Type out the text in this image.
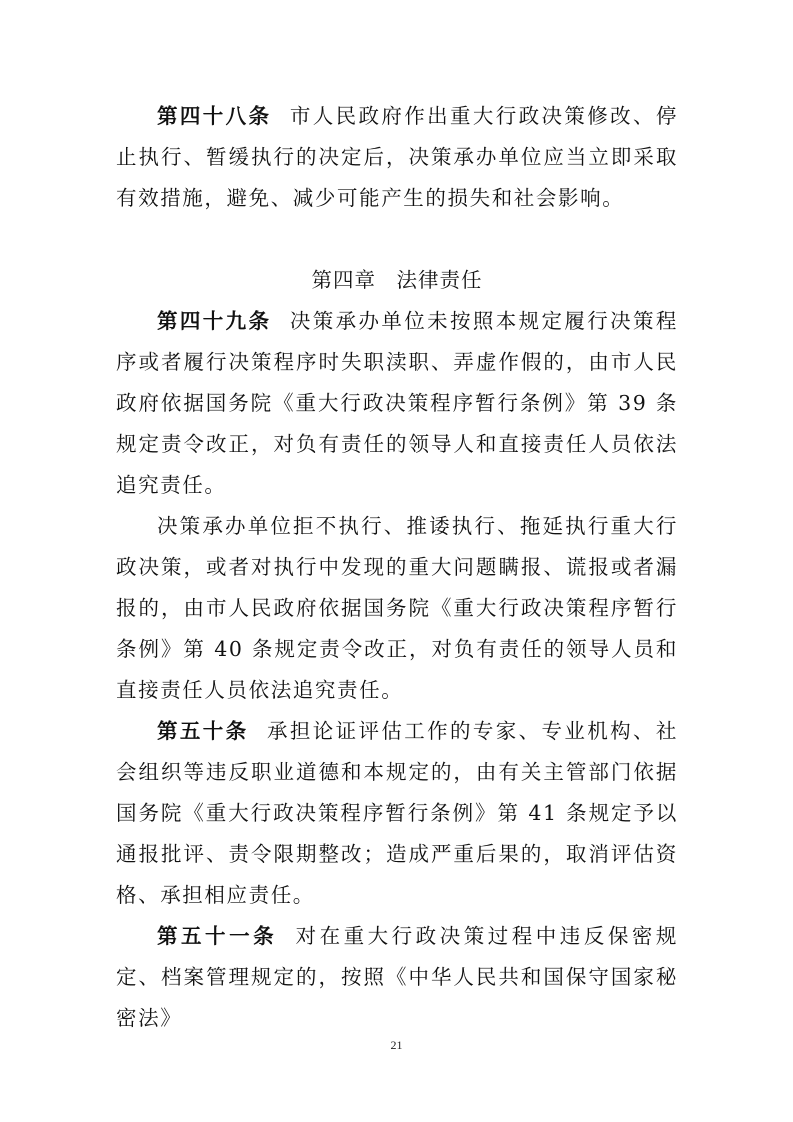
第四十八条 市人民政府作出重大行政决策修改、停止执行、暂缓执行的决定后，决策承办单位应当立即采取有效措施，避免、减少可能产生的损失和社会影响。

第四章 法律责任

第四十九条 决策承办单位未按照本规定履行决策程序或者履行决策程序时失职渎职、弄虚作假的，由市人民政府依据国务院《重大行政决策程序暂行条例》第 39 条规定责令改正，对负有责任的领导人和直接责任人员依法追究责任。

决策承办单位拒不执行、推诿执行、拖延执行重大行政决策，或者对执行中发现的重大问题瞒报、谎报或者漏报的，由市人民政府依据国务院《重大行政决策程序暂行条例》第 40 条规定责令改正，对负有责任的领导人员和直接责任人员依法追究责任。

第五十条 承担论证评估工作的专家、专业机构、社会组织等违反职业道德和本规定的，由有关主管部门依据国务院《重大行政决策程序暂行条例》第 41 条规定予以通报批评、责令限期整改；造成严重后果的，取消评估资格、承担相应责任。

第五十一条 对在重大行政决策过程中违反保密规定、档案管理规定的，按照《中华人民共和国保守国家秘密法》

21
